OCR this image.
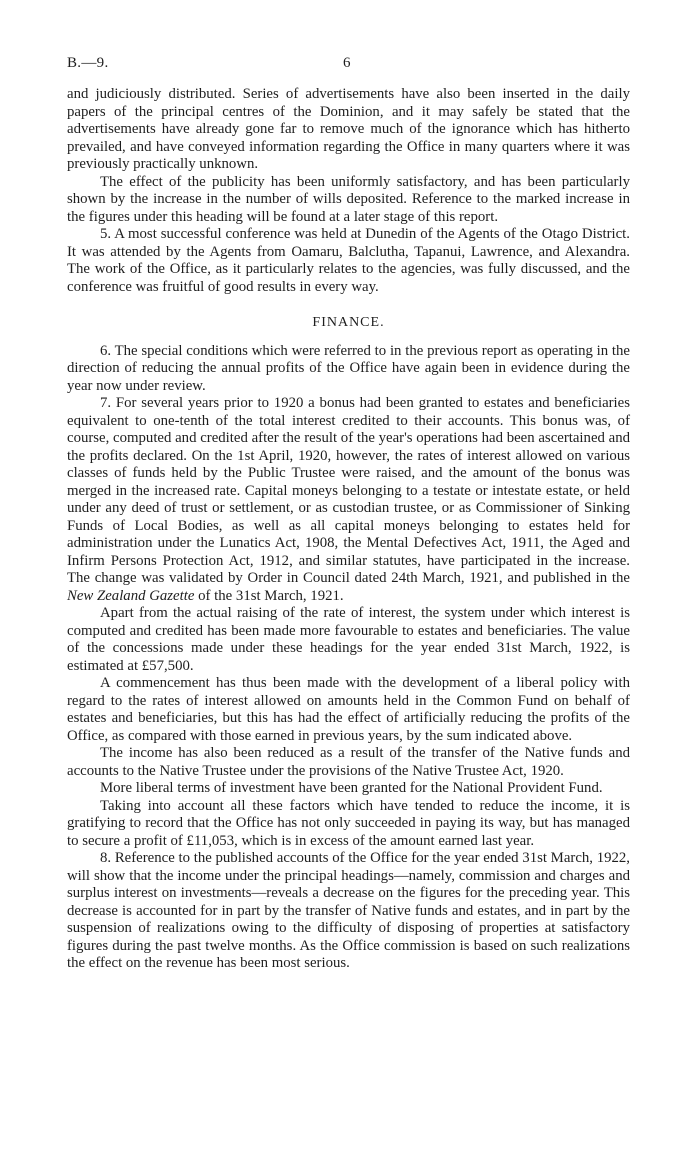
B.—9.	6

and judiciously distributed. Series of advertisements have also been inserted in the daily papers of the principal centres of the Dominion, and it may safely be stated that the advertisements have already gone far to remove much of the ignorance which has hitherto prevailed, and have conveyed information regarding the Office in many quarters where it was previously practically unknown.

The effect of the publicity has been uniformly satisfactory, and has been particularly shown by the increase in the number of wills deposited. Reference to the marked increase in the figures under this heading will be found at a later stage of this report.

5. A most successful conference was held at Dunedin of the Agents of the Otago District. It was attended by the Agents from Oamaru, Balclutha, Tapanui, Lawrence, and Alexandra. The work of the Office, as it particularly relates to the agencies, was fully discussed, and the conference was fruitful of good results in every way.

FINANCE.

6. The special conditions which were referred to in the previous report as operating in the direction of reducing the annual profits of the Office have again been in evidence during the year now under review.

7. For several years prior to 1920 a bonus had been granted to estates and beneficiaries equivalent to one-tenth of the total interest credited to their accounts. This bonus was, of course, computed and credited after the result of the year's operations had been ascertained and the profits declared. On the 1st April, 1920, however, the rates of interest allowed on various classes of funds held by the Public Trustee were raised, and the amount of the bonus was merged in the increased rate. Capital moneys belonging to a testate or intestate estate, or held under any deed of trust or settlement, or as custodian trustee, or as Commissioner of Sinking Funds of Local Bodies, as well as all capital moneys belonging to estates held for administration under the Lunatics Act, 1908, the Mental Defectives Act, 1911, the Aged and Infirm Persons Protection Act, 1912, and similar statutes, have participated in the increase. The change was validated by Order in Council dated 24th March, 1921, and published in the New Zealand Gazette of the 31st March, 1921.

Apart from the actual raising of the rate of interest, the system under which interest is computed and credited has been made more favourable to estates and beneficiaries. The value of the concessions made under these headings for the year ended 31st March, 1922, is estimated at £57,500.

A commencement has thus been made with the development of a liberal policy with regard to the rates of interest allowed on amounts held in the Common Fund on behalf of estates and beneficiaries, but this has had the effect of artificially reducing the profits of the Office, as compared with those earned in previous years, by the sum indicated above.

The income has also been reduced as a result of the transfer of the Native funds and accounts to the Native Trustee under the provisions of the Native Trustee Act, 1920.

More liberal terms of investment have been granted for the National Provident Fund.

Taking into account all these factors which have tended to reduce the income, it is gratifying to record that the Office has not only succeeded in paying its way, but has managed to secure a profit of £11,053, which is in excess of the amount earned last year.

8. Reference to the published accounts of the Office for the year ended 31st March, 1922, will show that the income under the principal headings—namely, commission and charges and surplus interest on investments—reveals a decrease on the figures for the preceding year. This decrease is accounted for in part by the transfer of Native funds and estates, and in part by the suspension of realizations owing to the difficulty of disposing of properties at satisfactory figures during the past twelve months. As the Office commission is based on such realizations the effect on the revenue has been most serious.
